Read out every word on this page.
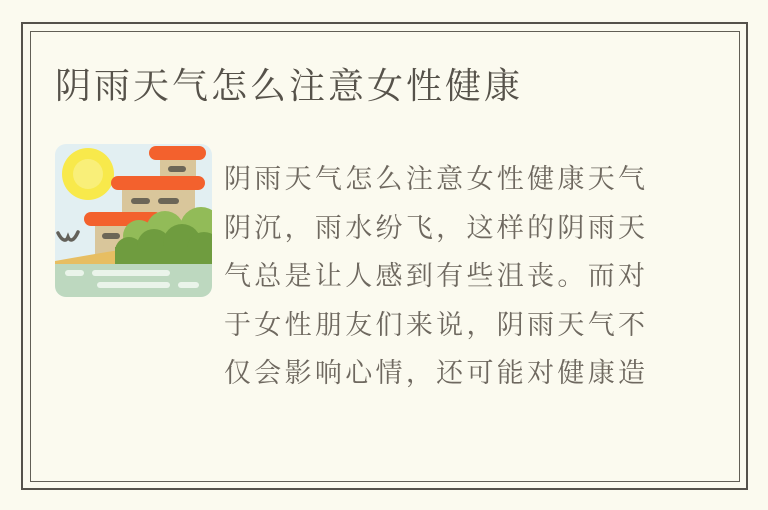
阴雨天气怎么注意女性健康
阴雨天气怎么注意女性健康天气
阴沉，雨水纷飞，这样的阴雨天
气总是让人感到有些沮丧。而对
于女性朋友们来说，阴雨天气不
仅会影响心情，还可能对健康造
